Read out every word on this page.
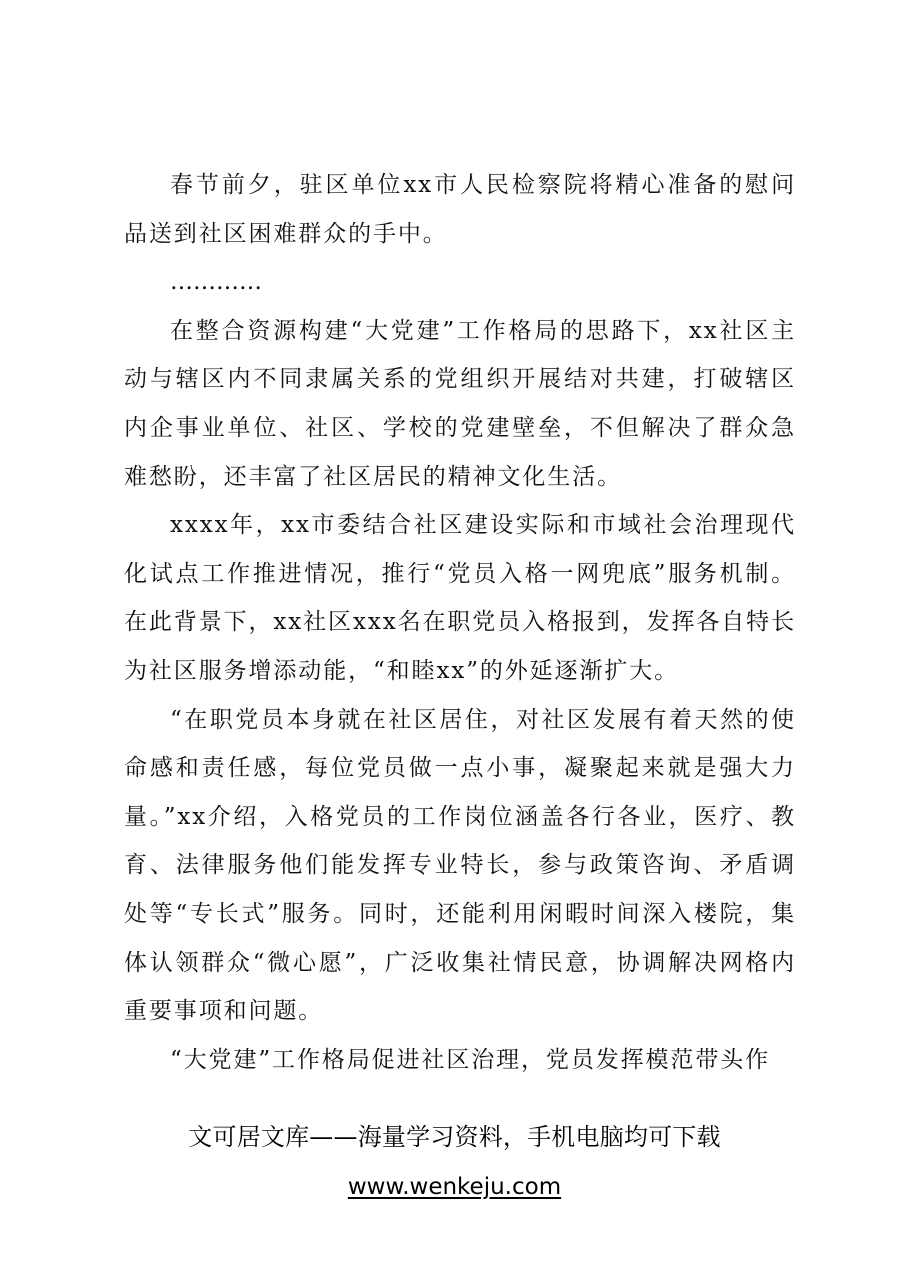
春节前夕，驻区单位xx市人民检察院将精心准备的慰问品送到社区困难群众的手中。

…………

在整合资源构建“大党建”工作格局的思路下，xx社区主动与辖区内不同隶属关系的党组织开展结对共建，打破辖区内企事业单位、社区、学校的党建壁垒，不但解决了群众急难愁盼，还丰富了社区居民的精神文化生活。

xxxx年，xx市委结合社区建设实际和市域社会治理现代化试点工作推进情况，推行“党员入格一网兜底”服务机制。在此背景下，xx社区xxx名在职党员入格报到，发挥各自特长为社区服务增添动能，“和睦xx”的外延逐渐扩大。

“在职党员本身就在社区居住，对社区发展有着天然的使命感和责任感，每位党员做一点小事，凝聚起来就是强大力量。”xx介绍，入格党员的工作岗位涵盖各行各业，医疗、教育、法律服务他们能发挥专业特长，参与政策咨询、矛盾调处等“专长式”服务。同时，还能利用闲暇时间深入楼院，集体认领群众“微心愿”，广泛收集社情民意，协调解决网格内重要事项和问题。

“大党建”工作格局促进社区治理，党员发挥模范带头作

文可居文库——海量学习资料，手机电脑均可下载
www.wenkeju.com
